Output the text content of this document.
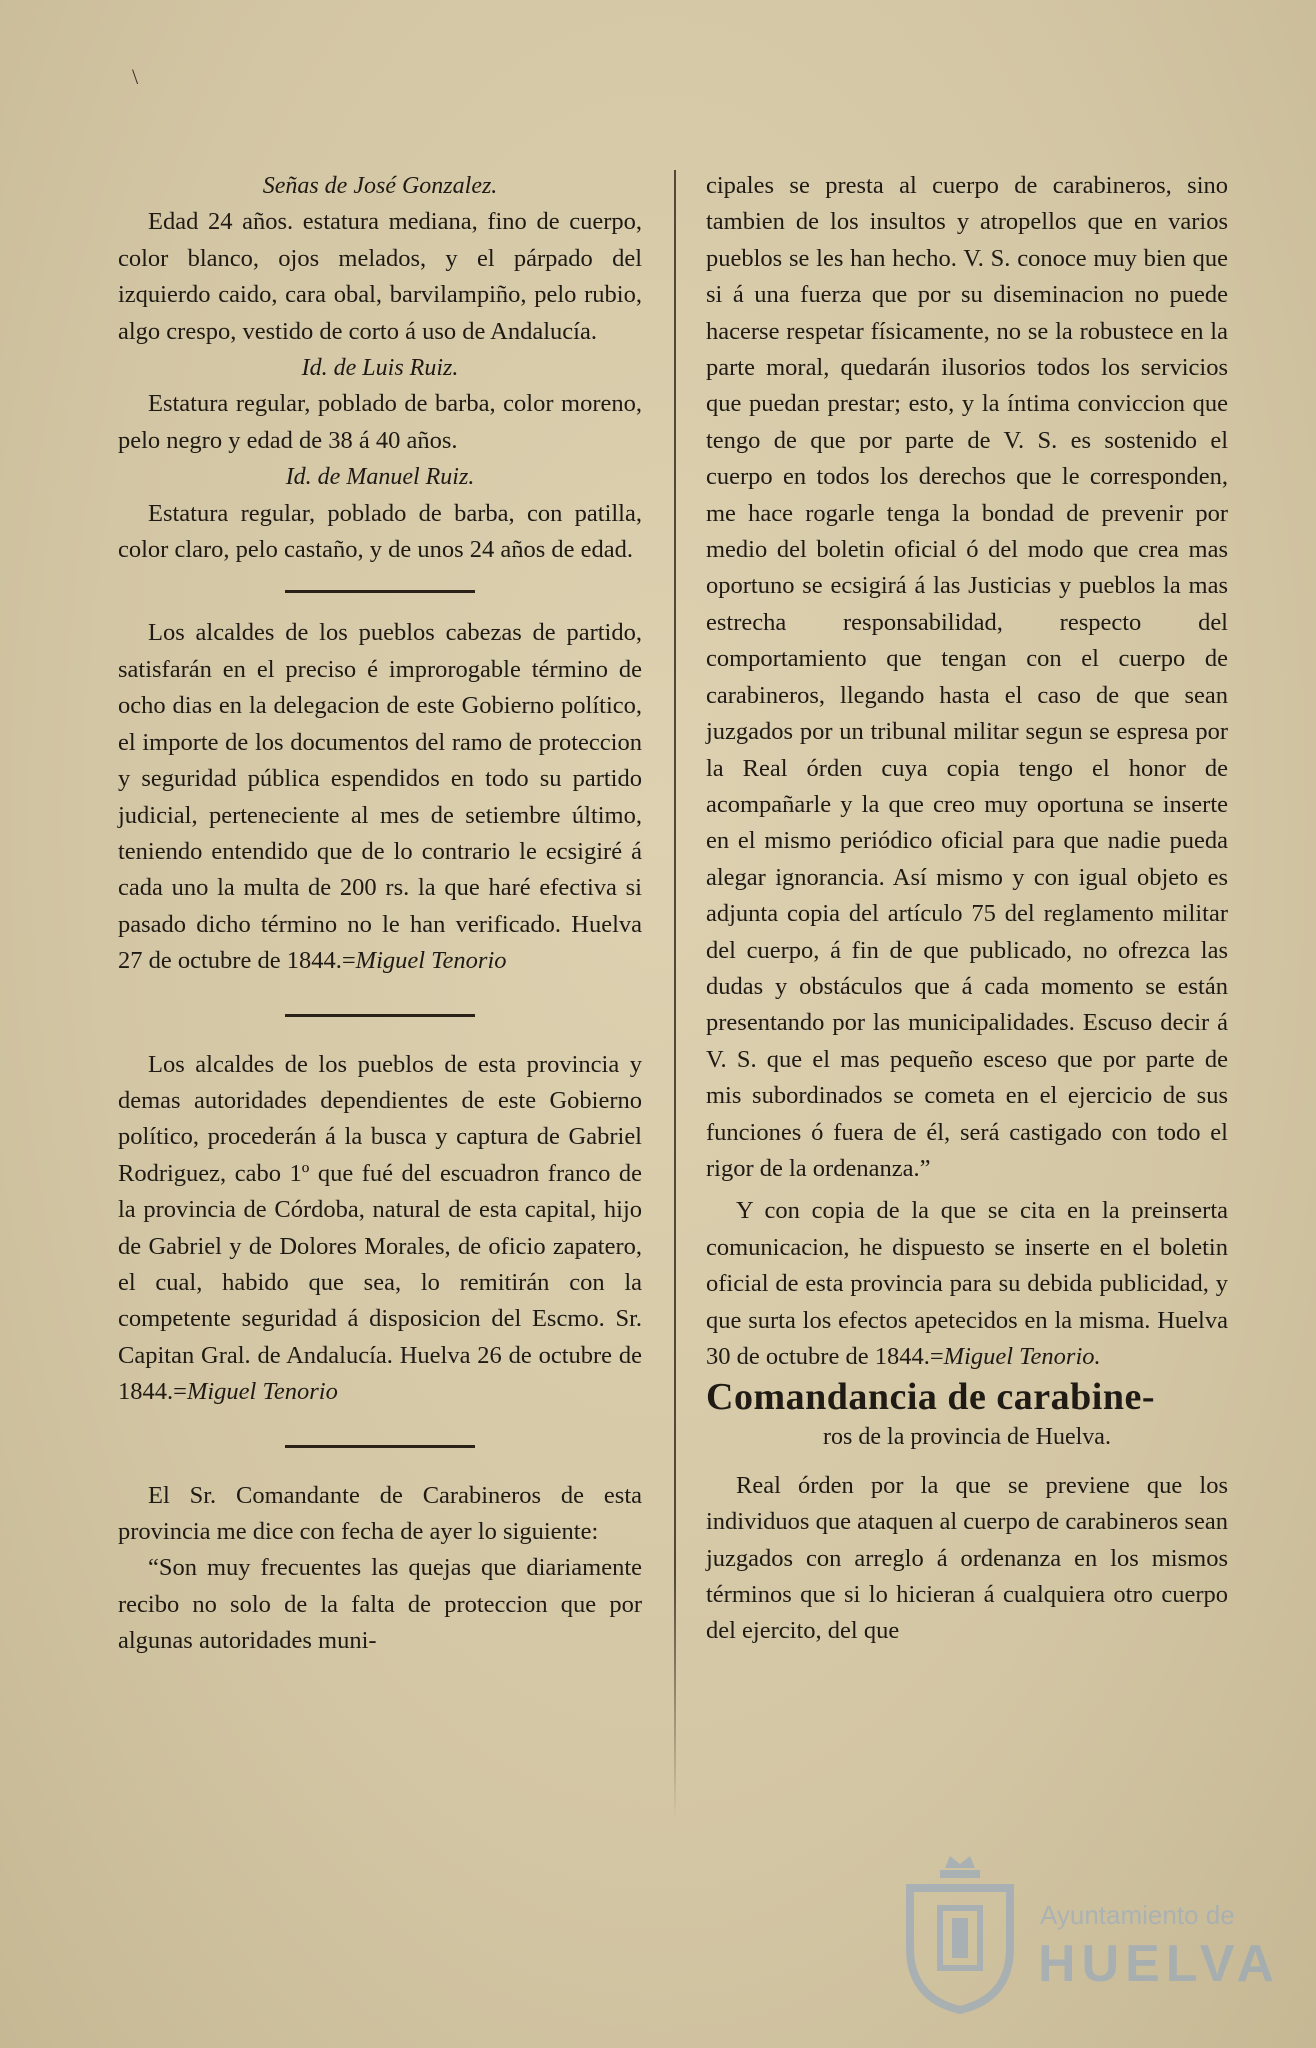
\

Señas de José Gonzalez.

Edad 24 años. estatura mediana, fino de cuerpo, color blanco, ojos melados, y el párpado del izquierdo caido, cara obal, barvilampiño, pelo rubio, algo crespo, vestido de corto á uso de Andalucía.

Id. de Luis Ruiz.

Estatura regular, poblado de barba, color moreno, pelo negro y edad de 38 á 40 años.

Id. de Manuel Ruiz.

Estatura regular, poblado de barba, con patilla, color claro, pelo castaño, y de unos 24 años de edad.

Los alcaldes de los pueblos cabezas de partido, satisfarán en el preciso é improrogable término de ocho dias en la delegacion de este Gobierno político, el importe de los documentos del ramo de proteccion y seguridad pública espendidos en todo su partido judicial, perteneciente al mes de setiembre último, teniendo entendido que de lo contrario le ecsigiré á cada uno la multa de 200 rs. la que haré efectiva si pasado dicho término no le han verificado. Huelva 27 de octubre de 1844.=Miguel Tenorio

Los alcaldes de los pueblos de esta provincia y demas autoridades dependientes de este Gobierno político, procederán á la busca y captura de Gabriel Rodriguez, cabo 1º que fué del escuadron franco de la provincia de Córdoba, natural de esta capital, hijo de Gabriel y de Dolores Morales, de oficio zapatero, el cual, habido que sea, lo remitirán con la competente seguridad á disposicion del Escmo. Sr. Capitan Gral. de Andalucía. Huelva 26 de octubre de 1844.=Miguel Tenorio

El Sr. Comandante de Carabineros de esta provincia me dice con fecha de ayer lo siguiente:

“Son muy frecuentes las quejas que diariamente recibo no solo de la falta de proteccion que por algunas autoridades muni-

cipales se presta al cuerpo de carabineros, sino tambien de los insultos y atropellos que en varios pueblos se les han hecho. V. S. conoce muy bien que si á una fuerza que por su diseminacion no puede hacerse respetar físicamente, no se la robustece en la parte moral, quedarán ilusorios todos los servicios que puedan prestar; esto, y la íntima conviccion que tengo de que por parte de V. S. es sostenido el cuerpo en todos los derechos que le corresponden, me hace rogarle tenga la bondad de prevenir por medio del boletin oficial ó del modo que crea mas oportuno se ecsigirá á las Justicias y pueblos la mas estrecha responsabilidad, respecto del comportamiento que tengan con el cuerpo de carabineros, llegando hasta el caso de que sean juzgados por un tribunal militar segun se espresa por la Real órden cuya copia tengo el honor de acompañarle y la que creo muy oportuna se inserte en el mismo periódico oficial para que nadie pueda alegar ignorancia. Así mismo y con igual objeto es adjunta copia del artículo 75 del reglamento militar del cuerpo, á fin de que publicado, no ofrezca las dudas y obstáculos que á cada momento se están presentando por las municipalidades. Escuso decir á V. S. que el mas pequeño esceso que por parte de mis subordinados se cometa en el ejercicio de sus funciones ó fuera de él, será castigado con todo el rigor de la ordenanza.”

Y con copia de la que se cita en la preinserta comunicacion, he dispuesto se inserte en el boletin oficial de esta provincia para su debida publicidad, y que surta los efectos apetecidos en la misma. Huelva 30 de octubre de 1844.=Miguel Tenorio.

Comandancia de carabine-

ros de la provincia de Huelva.

Real órden por la que se previene que los individuos que ataquen al cuerpo de carabineros sean juzgados con arreglo á ordenanza en los mismos términos que si lo hicieran á cualquiera otro cuerpo del ejercito, del que

Ayuntamiento de
HUELVA
